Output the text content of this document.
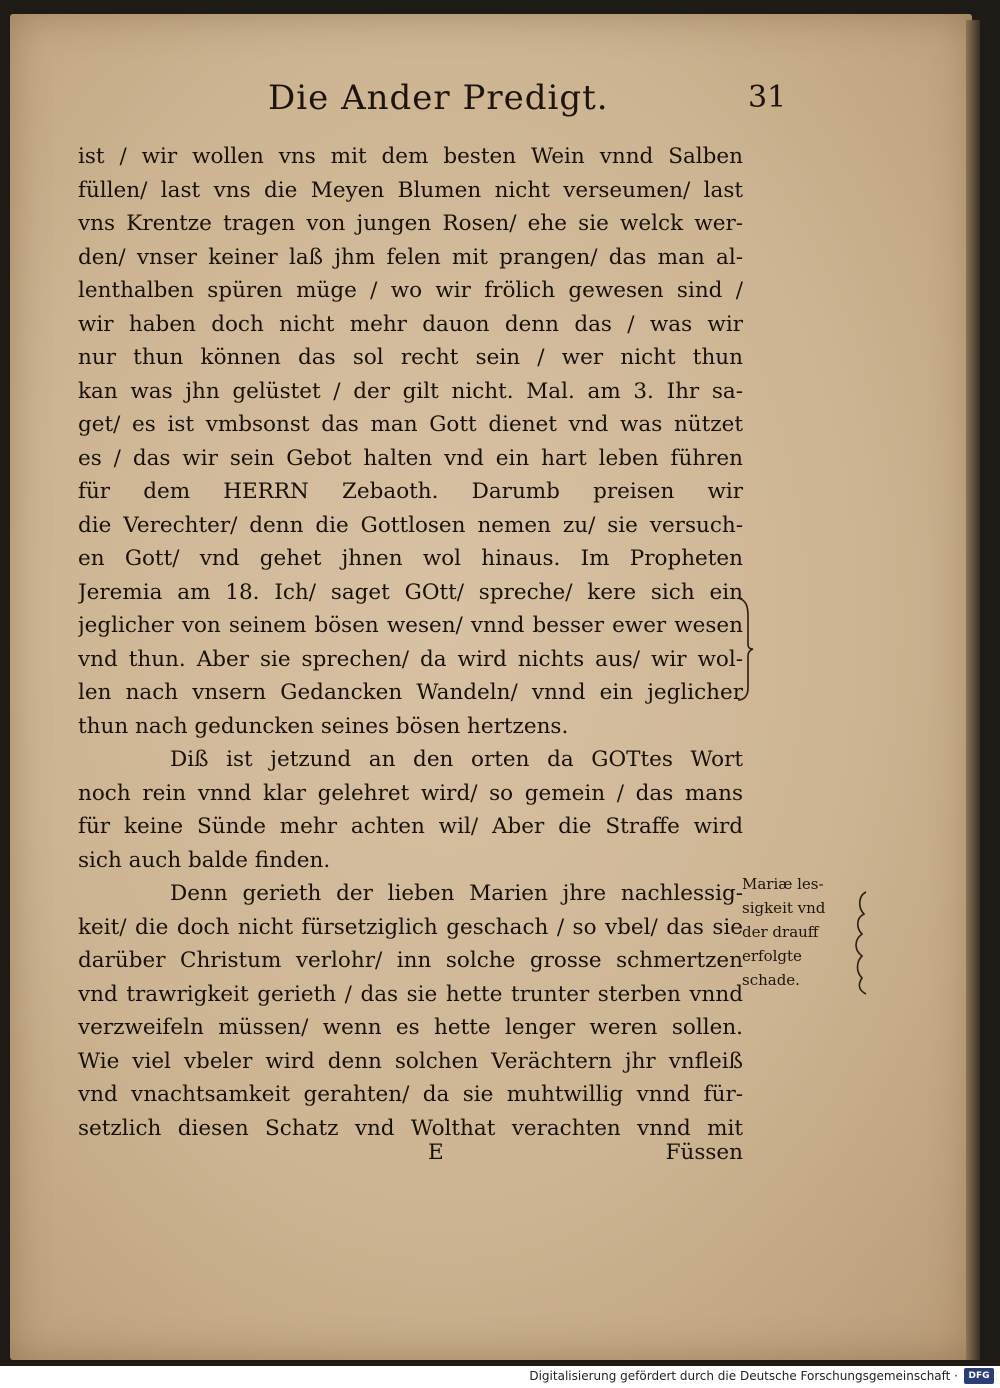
Die Ander Predigt.	31
ist / wir wollen vns mit dem besten Wein vnnd Salben
füllen/ last vns die Meyen Blumen nicht verseumen/ last
vns Krentze tragen von jungen Rosen/ ehe sie welck wer-
den/ vnser keiner laß jhm felen mit prangen/ das man al-
lenthalben spüren müge / wo wir frölich gewesen sind /
wir haben doch nicht mehr dauon denn das / was wir
nur thun können das sol recht sein / wer nicht thun
kan was jhn gelüstet / der gilt nicht. Mal. am 3. Ihr sa-
get/ es ist vmbsonst das man Gott dienet vnd was nützet
es / das wir sein Gebot halten vnd ein hart leben führen
für dem HERRN Zebaoth. Darumb preisen wir
die Verechter/ denn die Gottlosen nemen zu/ sie versuch-
en Gott/ vnd gehet jhnen wol hinaus. Im Propheten
Jeremia am 18. Ich/ saget GOtt/ spreche/ kere sich ein
jeglicher von seinem bösen wesen/ vnnd besser ewer wesen
vnd thun. Aber sie sprechen/ da wird nichts aus/ wir wol-
len nach vnsern Gedancken Wandeln/ vnnd ein jeglicher
thun nach geduncken seines bösen hertzens.
Diß ist jetzund an den orten da GOTtes Wort
noch rein vnnd klar gelehret wird/ so gemein / das mans
für keine Sünde mehr achten wil/ Aber die Straffe wird
sich auch balde finden.
Denn gerieth der lieben Marien jhre nachlessig-
keit/ die doch nicht fürsetziglich geschach / so vbel/ das sie
darüber Christum verlohr/ inn solche grosse schmertzen
vnd trawrigkeit gerieth / das sie hette trunter sterben vnnd
verzweifeln müssen/ wenn es hette lenger weren sollen.
Wie viel vbeler wird denn solchen Verächtern jhr vnfleiß
vnd vnachtsamkeit gerahten/ da sie muhtwillig vnnd für-
setzlich diesen Schatz vnd Wolthat verachten vnnd mit
E	Füssen
Mariæ les-
sigkeit vnd
der drauff
erfolgte
schade.
Digitalisierung gefördert durch die Deutsche Forschungsgemeinschaft ·	DFG
